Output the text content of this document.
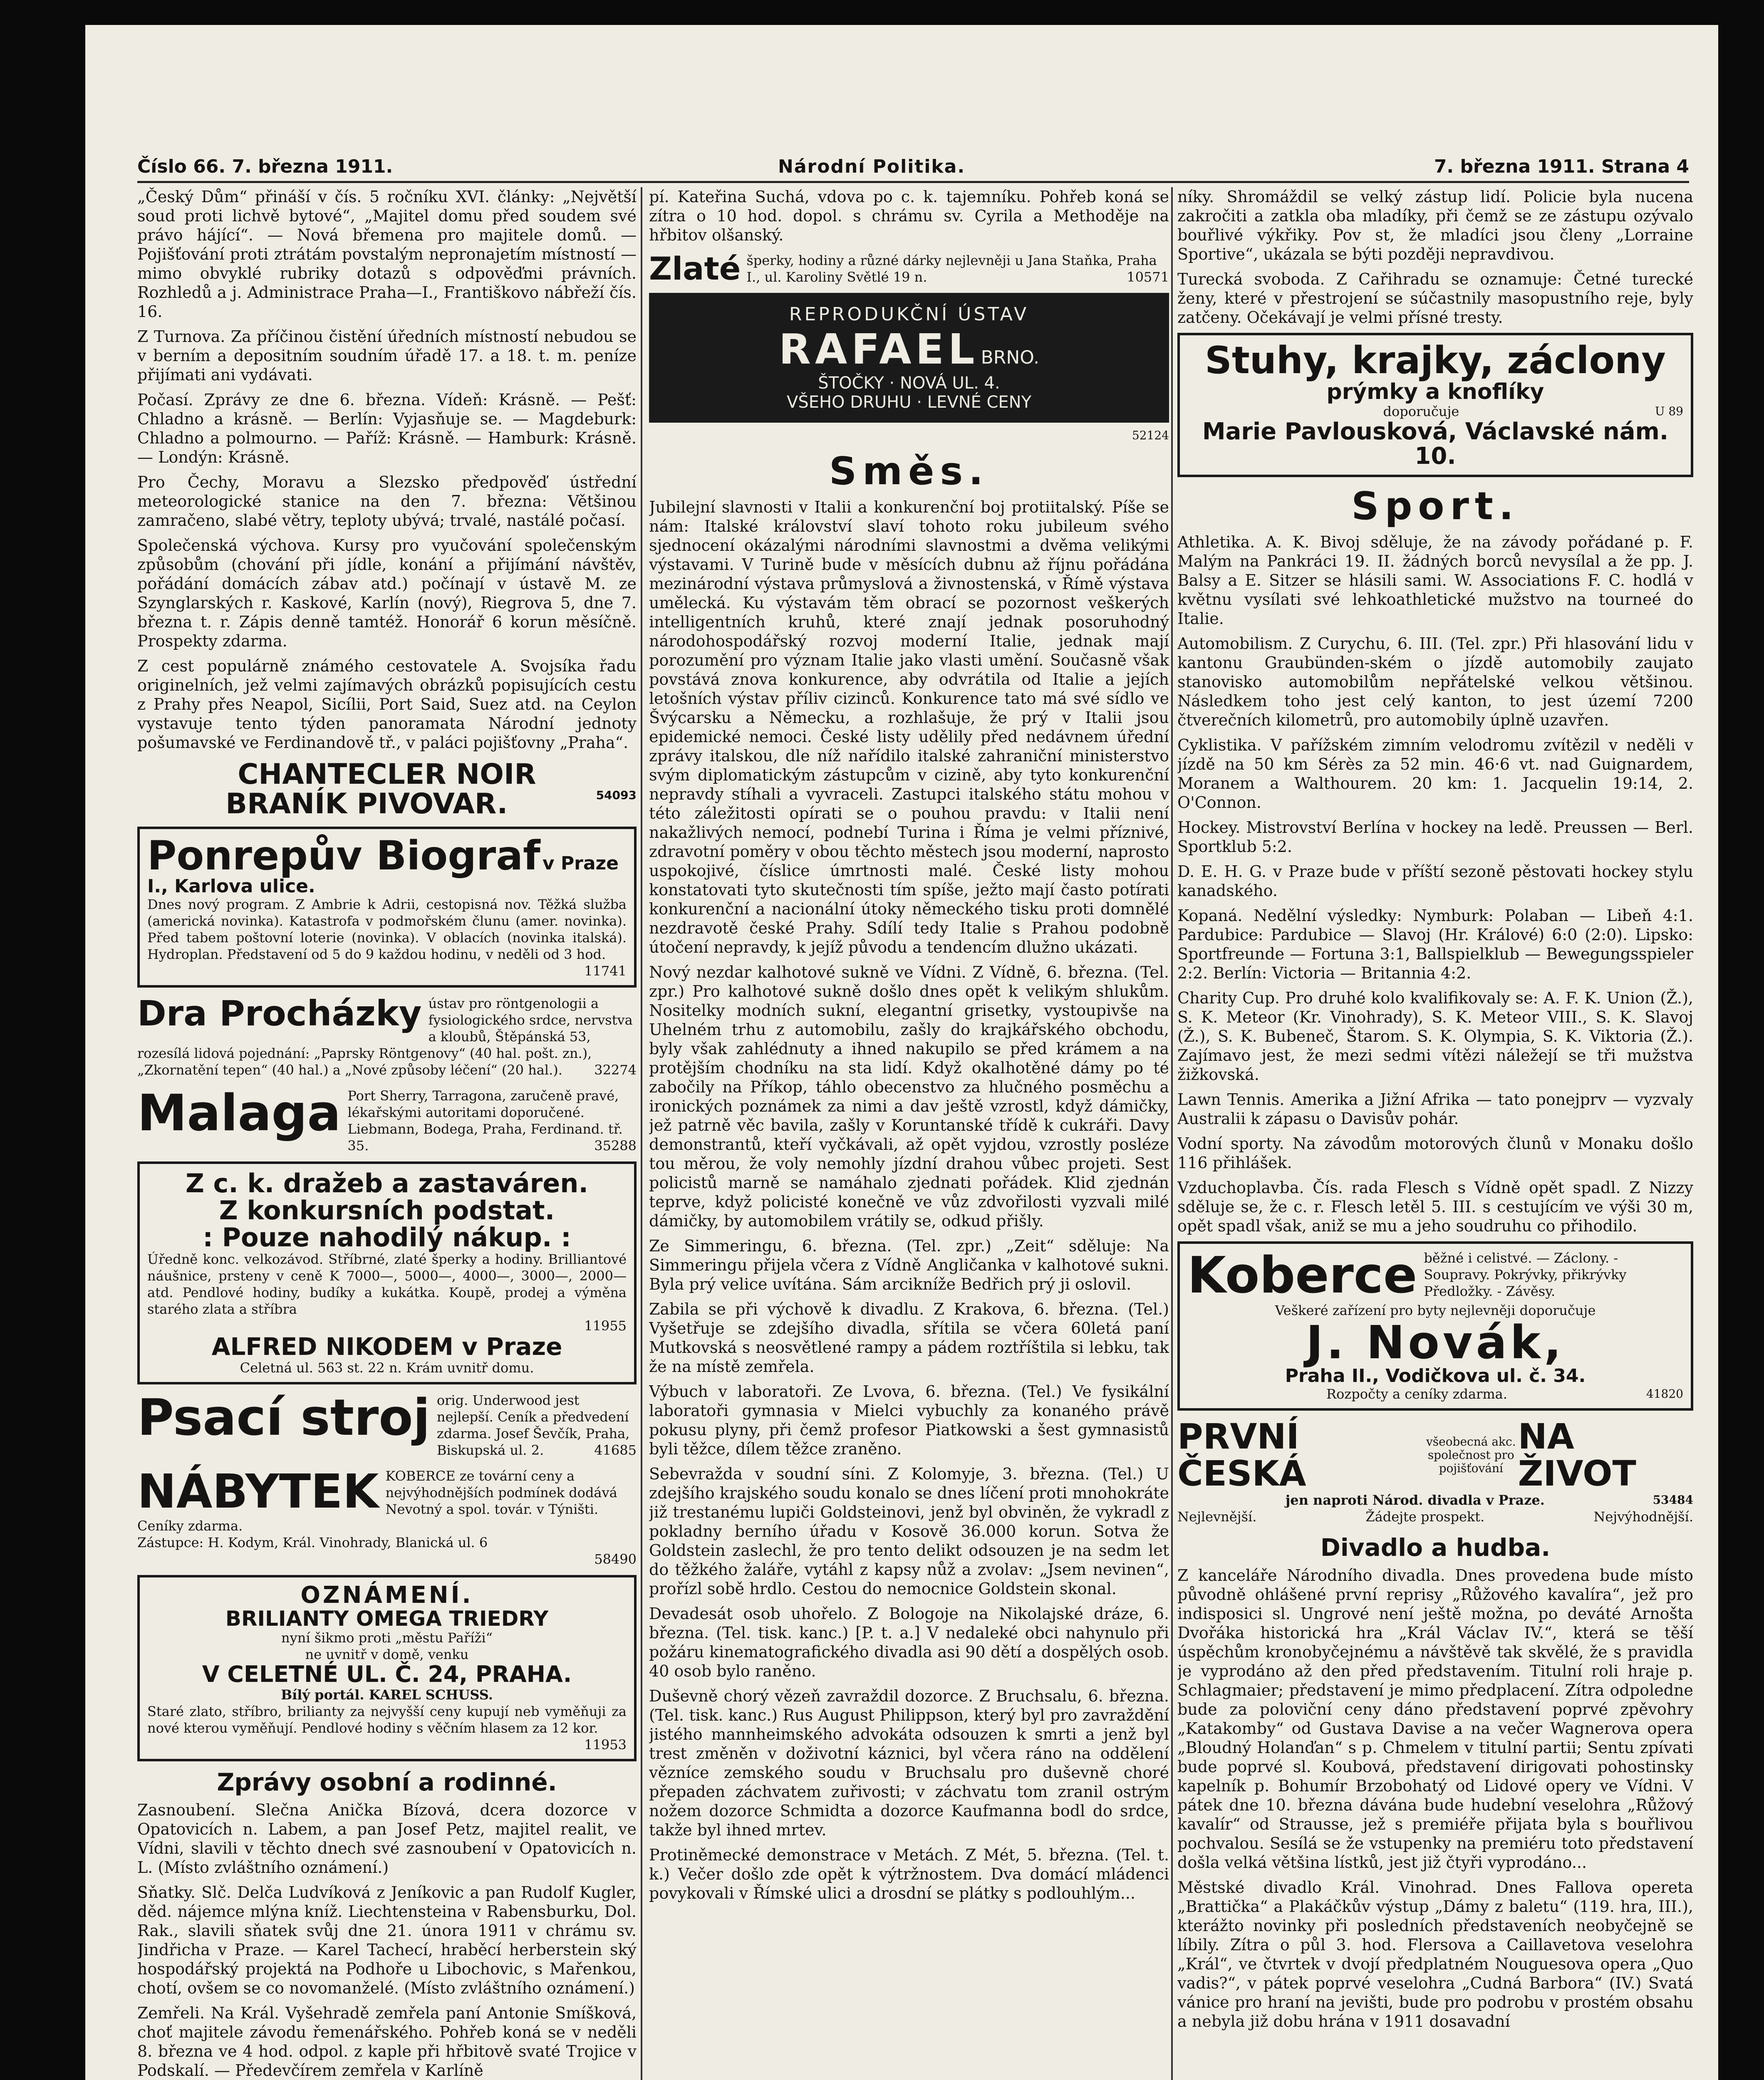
Číslo 66. 7. března 1911.	Národní Politika.	7. března 1911. Strana 4

„Český Dům“ přináší v čís. 5 ročníku XVI. články: „Největší soud proti lichvě bytové“, „Majitel domu před soudem své právo hájící“. — Nová břemena pro majitele domů. — Pojišťování proti ztrátám povstalým nepronajetím místností — mimo obvyklé rubriky dotazů s odpověďmi právních. Rozhledů a j. Administrace Praha—I., Františkovo nábřeží čís. 16.

Z Turnova. Za příčinou čistění úředních místností nebudou se v berním a depositním soudním úřadě 17. a 18. t. m. peníze přijímati ani vydávati.

Počasí. Zprávy ze dne 6. března. Vídeň: Krásně. — Pešť: Chladno a krásně. — Berlín: Vyjasňuje se. — Magdeburk: Chladno a polmourno. — Paříž: Krásně. — Hamburk: Krásně. — Londýn: Krásně.

Pro Čechy, Moravu a Slezsko předpověď ústřední meteorologické stanice na den 7. března: Většinou zamračeno, slabé větry, teploty ubývá; trvalé, nastálé počasí.

Společenská výchova. Kursy pro vyučování společenským způsobům (chování při jídle, konání a přijímání návštěv, pořádání domácích zábav atd.) počínají v ústavě M. ze Szynglarských r. Kaskové, Karlín (nový), Riegrova 5, dne 7. března t. r. Zápis denně tamtéž. Honorář 6 korun měsíčně. Prospekty zdarma.

Z cest populárně známého cestovatele A. Svojsíka řadu originelních, jež velmi zajímavých obrázků popisujících cestu z Prahy přes Neapol, Sicílii, Port Said, Suez atd. na Ceylon vystavuje tento týden panoramata Národní jednoty pošumavské ve Ferdinandově tř., v paláci pojišťovny „Praha“.

CHANTECLER NOIR
BRANÍK PIVOVAR.	54093
Ponrepův Biograf v Praze I., Karlova ulice.
Dnes nový program. Z Ambrie k Adrii, cestopisná nov. Těžká služba (americká novinka). Katastrofa v podmořském člunu (amer. novinka). Před tabem poštovní loterie (novinka). V oblacích (novinka italská). Hydroplan. Představení od 5 do 9 každou hodinu, v neděli od 3 hod.
11741
Dra Procházky ústav pro röntgenologii a fysiologického srdce, nervstva a kloubů, Štěpánská 53, rozesílá lidová pojednání: „Paprsky Röntgenovy“ (40 hal. pošt. zn.), „Zkornatění tepen“ (40 hal.) a „Nové způsoby léčení“ (20 hal.). 32274
Malaga Port Sherry, Tarragona, zaručeně pravé, lékařskými autoritami doporučené. Liebmann, Bodega, Praha, Ferdinand. tř. 35.	35288
Z c. k. dražeb a zastaváren.
Z konkursních podstat.
: Pouze nahodilý nákup. :
Úředně konc. velkozávod. Stříbrné, zlaté šperky a hodiny. Brilliantové náušnice, prsteny v ceně K 7000—, 5000—, 4000—, 3000—, 2000— atd. Pendlové hodiny, budíky a kukátka. Koupě, prodej a výměna starého zlata a stříbra
11955
ALFRED NIKODEM v Praze
Celetná ul. 563 st. 22 n. Krám uvnitř domu.
Psací stroj orig. Underwood jest nejlepší. Ceník a předvedení zdarma. Josef Ševčík, Praha, Biskupská ul. 2.	41685
NÁBYTEK KOBERCE ze tovární ceny a nejvýhodnějších podmínek dodává Nevotný a spol. továr. v Týništi. Ceníky zdarma.
Zástupce: H. Kodym, Král. Vinohrady, Blanická ul. 6
58490
OZNÁMENÍ.
BRILIANTY OMEGA TRIEDRY
nyní šikmo proti „městu Paříži“
ne uvnitř v domě, venku
V CELETNÉ UL. Č. 24, PRAHA.
Bílý portál. KAREL SCHUSS.
Staré zlato, stříbro, brilianty za nejvyšší ceny kupují neb vyměňuji za nové kterou vyměňují. Pendlové hodiny s věčním hlasem za 12 kor.
11953
Zprávy osobní a rodinné.

Zasnoubení. Slečna Anička Bízová, dcera dozorce v Opatovicích n. Labem, a pan Josef Petz, majitel realit, ve Vídni, slavili v těchto dnech své zasnoubení v Opatovicích n. L. (Místo zvláštního oznámení.)

Sňatky. Slč. Delča Ludvíková z Jeníkovic a pan Rudolf Kugler, děd. nájemce mlýna kníž. Liechtensteina v Rabensburku, Dol. Rak., slavili sňatek svůj dne 21. února 1911 v chrámu sv. Jindřicha v Praze. — Karel Tachecí, hraběcí herberstein ský hospodářský projektá na Podhoře u Libochovic, s Mařenkou, chotí, ovšem se co novomanželé. (Místo zvláštního oznámení.)

Zemřeli. Na Král. Vyšehradě zemřela paní Antonie Smíšková, choť majitele závodu řemenářského. Pohřeb koná se v neděli 8. března ve 4 hod. odpol. z kaple při hřbitově svaté Trojice v Podskalí. — Předevčírem zemřela v Karlíně

pí. Kateřina Suchá, vdova po c. k. tajemníku. Pohřeb koná se zítra o 10 hod. dopol. s chrámu sv. Cyrila a Methoděje na hřbitov olšanský.

Zlaté šperky, hodiny a různé dárky nejlevněji u Jana Staňka, Praha I., ul. Karoliny Světlé 19 n.	10571
REPRODUKČNÍ ÚSTAV
RAFAEL BRNO.
ŠTOČKY · NOVÁ UL. 4.
VŠEHO DRUHU · LEVNÉ CENY
52124
Směs.

Jubilejní slavnosti v Italii a konkurenční boj protiitalský. Píše se nám: Italské království slaví tohoto roku jubileum svého sjednocení okázalými národními slavnostmi a dvěma velikými výstavami. V Turině bude v měsících dubnu až říjnu pořádána mezinárodní výstava průmyslová a živnostenská, v Římě výstava umělecká. Ku výstavám těm obrací se pozornost veškerých intelligentních kruhů, které znají jednak posoruhodný národohospodářský rozvoj moderní Italie, jednak mají porozumění pro význam Italie jako vlasti umění. Současně však povstává znova konkurence, aby odvrátila od Italie a jejích letošních výstav příliv cizinců. Konkurence tato má své sídlo ve Švýcarsku a Německu, a rozhlašuje, že prý v Italii jsou epidemické nemoci. České listy udělily před nedávnem úřední zprávy italskou, dle níž nařídilo italské zahraniční ministerstvo svým diplomatickým zástupcům v cizině, aby tyto konkurenční nepravdy stíhali a vyvraceli. Zastupci italského státu mohou v této záležitosti opírati se o pouhou pravdu: v Italii není nakažlivých nemocí, podnebí Turina i Říma je velmi příznivé, zdravotní poměry v obou těchto městech jsou moderní, naprosto uspokojivé, číslice úmrtnosti malé. České listy mohou konstatovati tyto skutečnosti tím spíše, ježto mají často potírati konkurenční a nacionální útoky německého tisku proti domnělé nezdravotě české Prahy. Sdílí tedy Italie s Prahou podobně útočení nepravdy, k jejíž původu a tendencím dlužno ukázati.

Nový nezdar kalhotové sukně ve Vídni. Z Vídně, 6. března. (Tel. zpr.) Pro kalhotové sukně došlo dnes opět k velikým shlukům. Nositelky modních sukní, elegantní grisetky, vystoupivše na Uhelném trhu z automobilu, zašly do krajkářského obchodu, byly však zahlédnuty a ihned nakupilo se před krámem a na protějším chodníku na sta lidí. Když okalhotěné dámy po té zabočily na Příkop, táhlo obecenstvo za hlučného posměchu a ironických poznámek za nimi a dav ještě vzrostl, když dámičky, jež patrně věc bavila, zašly v Koruntanské třídě k cukráři. Davy demonstrantů, kteří vyčkávali, až opět vyjdou, vzrostly posléze tou měrou, že voly nemohly jízdní drahou vůbec projeti. Sest policistů marně se namáhalo zjednati pořádek. Klid zjednán teprve, když policisté konečně ve vůz zdvořilosti vyzvali milé dámičky, by automobilem vrátily se, odkud přišly.

Ze Simmeringu, 6. března. (Tel. zpr.) „Zeit“ sděluje: Na Simmeringu přijela včera z Vídně Angličanka v kalhotové sukni. Byla prý velice uvítána. Sám arcikníže Bedřich prý ji oslovil.

Zabila se při výchově k divadlu. Z Krakova, 6. března. (Tel.) Vyšetřuje se zdejšího divadla, sřítila se včera 60letá paní Mutkovská s neosvětlené rampy a pádem roztříštila si lebku, tak že na místě zemřela.

Výbuch v laboratoři. Ze Lvova, 6. března. (Tel.) Ve fysikální laboratoři gymnasia v Mielci vybuchly za konaného právě pokusu plyny, při čemž profesor Piatkowski a šest gymnasistů byli těžce, dílem těžce zraněno.

Sebevražda v soudní síni. Z Kolomyje, 3. března. (Tel.) U zdejšího krajského soudu konalo se dnes líčení proti mnohokráte již trestanému lupiči Goldsteinovi, jenž byl obviněn, že vykradl z pokladny berního úřadu v Kosově 36.000 korun. Sotva že Goldstein zaslechl, že pro tento delikt odsouzen je na sedm let do těžkého žaláře, vytáhl z kapsy nůž a zvolav: „Jsem nevinen“, prořízl sobě hrdlo. Cestou do nemocnice Goldstein skonal.

Devadesát osob uhořelo. Z Bologoje na Nikolajské dráze, 6. března. (Tel. tisk. kanc.) [P. t. a.] V nedaleké obci nahynulo při požáru kinematografického divadla asi 90 dětí a dospělých osob. 40 osob bylo raněno.

Duševně chorý vězeň zavraždil dozorce. Z Bruchsalu, 6. března. (Tel. tisk. kanc.) Rus August Philippson, který byl pro zavraždění jistého mannheimského advokáta odsouzen k smrti a jenž byl trest změněn v doživotní káznici, byl včera ráno na oddělení vězníce zemského soudu v Bruchsalu pro duševně choré přepaden záchvatem zuřivosti; v záchvatu tom zranil ostrým nožem dozorce Schmidta a dozorce Kaufmanna bodl do srdce, takže byl ihned mrtev.

Protiněmecké demonstrace v Metách. Z Mét, 5. března. (Tel. t. k.) Večer došlo zde opět k výtržnostem. Dva domácí mládenci povykovali v Římské ulici a drosdní se plátky s podlouhlým...

níky. Shromáždil se velký zástup lidí. Policie byla nucena zakročiti a zatkla oba mladíky, při čemž se ze zástupu ozývalo bouřlivé výkřiky. Pov st, že mladíci jsou členy „Lorraine Sportive“, ukázala se býti později nepravdivou.

Turecká svoboda. Z Cařihradu se oznamuje: Četné turecké ženy, které v přestrojení se súčastnily masopustního reje, byly zatčeny. Očekávají je velmi přísné tresty.

Stuhy, krajky, záclony
prýmky a knoflíky
doporučuje	U 89
Marie Pavlousková, Václavské nám. 10.
Sport.

Athletika. A. K. Bivoj sděluje, že na závody pořádané p. F. Malým na Pankráci 19. II. žádných borců nevysílal a že pp. J. Balsy a E. Sitzer se hlásili sami. W. Associations F. C. hodlá v květnu vysílati své lehkoathletické mužstvo na tourneé do Italie.

Automobilism. Z Curychu, 6. III. (Tel. zpr.) Při hlasování lidu v kantonu Graubünden-ském o jízdě automobily zaujato stanovisko automobilům nepřátelské velkou většinou. Následkem toho jest celý kanton, to jest území 7200 čtverečních kilometrů, pro automobily úplně uzavřen.

Cyklistika. V pařížském zimním velodromu zvítězil v neděli v jízdě na 50 km Sérès za 52 min. 46·6 vt. nad Guignardem, Moranem a Walthourem. 20 km: 1. Jacquelin 19:14, 2. O'Connon.

Hockey. Mistrovství Berlína v hockey na ledě. Preussen — Berl. Sportklub 5:2.

D. E. H. G. v Praze bude v příští sezoně pěstovati hockey stylu kanadského.

Kopaná. Nedělní výsledky: Nymburk: Polaban — Libeň 4:1. Pardubice: Pardubice — Slavoj (Hr. Králové) 6:0 (2:0). Lipsko: Sportfreunde — Fortuna 3:1, Ballspielklub — Bewegungsspieler 2:2. Berlín: Victoria — Britannia 4:2.

Charity Cup. Pro druhé kolo kvalifikovaly se: A. F. K. Union (Ž.), S. K. Meteor (Kr. Vinohrady), S. K. Meteor VIII., S. K. Slavoj (Ž.), S. K. Bubeneč, Štarom. S. K. Olympia, S. K. Viktoria (Ž.). Zajímavo jest, že mezi sedmi vítězi náležejí se tři mužstva žižkovská.

Lawn Tennis. Amerika a Jižní Afrika — tato ponejprv — vyzvaly Australii k zápasu o Davisův pohár.

Vodní sporty. Na závodům motorových člunů v Monaku došlo 116 přihlášek.

Vzduchoplavba. Čís. rada Flesch s Vídně opět spadl. Z Nizzy sděluje se, že c. r. Flesch letěl 5. III. s cestujícím ve výši 30 m, opět spadl však, aniž se mu a jeho soudruhu co přihodilo.

Koberce běžné i celistvé. — Záclony. - Soupravy. Pokrývky, přikrývky Předložky. - Závěsy.
Veškeré zařízení pro byty nejlevněji doporučuje
J. Novák,
Praha II., Vodičkova ul. č. 34.
Rozpočty a ceníky zdarma.	41820
PRVNÍ ČESKÁ
všeobecná akc. společnost pro pojišťování
NA ŽIVOT
jen naproti Národ. divadla v Praze.	53484
Nejlevnější.	Žádejte prospekt.	Nejvýhodnější.
Divadlo a hudba.

Z kanceláře Národního divadla. Dnes provedena bude místo původně ohlášené první reprisy „Růžového kavalíra“, jež pro indisposici sl. Ungrové není ještě možna, po deváté Arnošta Dvořáka historická hra „Král Václav IV.“, která se těší úspěchům kronobyčejnému a návštěvě tak skvělé, že s pravidla je vyprodáno až den před představením. Titulní roli hraje p. Schlagmaier; představení je mimo předplacení. Zítra odpoledne bude za poloviční ceny dáno představení poprvé zpěvohry „Katakomby“ od Gustava Davise a na večer Wagnerova opera „Bloudný Holanďan“ s p. Chmelem v titulní partii; Sentu zpívati bude poprvé sl. Koubová, představení dirigovati pohostinsky kapelník p. Bohumír Brzobohatý od Lidové opery ve Vídni. V pátek dne 10. března dávána bude hudební veselohra „Růžový kavalír“ od Strausse, jež s premiéře přijata byla s bouřlivou pochvalou. Sesílá se že vstupenky na premiéru toto představení došla velká většina lístků, jest již čtyři vyprodáno...

Městské divadlo Král. Vinohrad. Dnes Fallova opereta „Brattička“ a Plakáčkův výstup „Dámy z baletu“ (119. hra, III.), kterážto novinky při posledních představeních neobyčejně se líbily. Zítra o půl 3. hod. Flersova a Caillavetova veselohra „Král“, ve čtvrtek v dvojí předplatném Nouguesova opera „Quo vadis?“, v pátek poprvé veselohra „Cudná Barbora“ (IV.) Svatá vánice pro hraní na jevišti, bude pro podrobu v prostém obsahu a nebyla již dobu hrána v 1911 dosavadní
